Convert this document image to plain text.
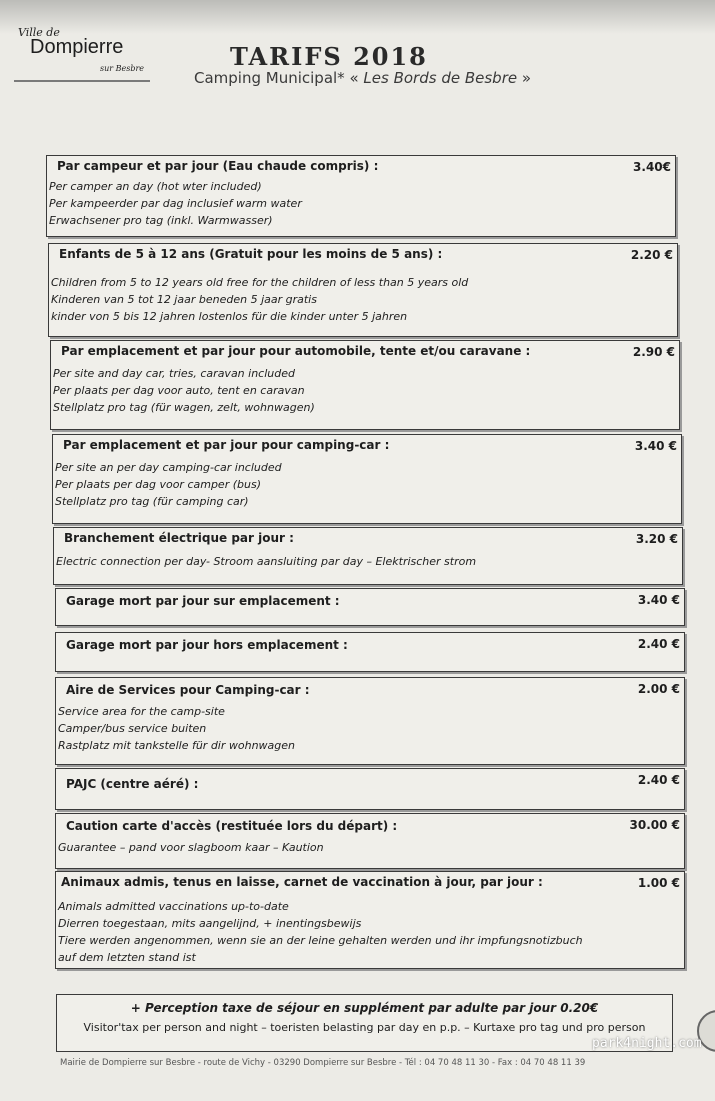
Ville de
Dompierre
sur Besbre	TARIFS 2018
Camping Municipal* « Les Bords de Besbre »
Par campeur et par jour (Eau chaude compris) :	3.40€
Per camper an day (hot wter included)
Per kampeerder par dag inclusief warm water
Erwachsener pro tag (inkl. Warmwasser)
Enfants de 5 à 12 ans (Gratuit pour les moins de 5 ans) :	2.20 €
Children from 5 to 12 years old free for the children of less than 5 years old
Kinderen van 5 tot 12 jaar beneden 5 jaar gratis
kinder von 5 bis 12 jahren lostenlos für die kinder unter 5 jahren
Par emplacement et par jour pour automobile, tente et/ou caravane :	2.90 €
Per site and day car, tries, caravan included
Per plaats per dag voor auto, tent en caravan
Stellplatz pro tag (für wagen, zelt, wohnwagen)
Par emplacement et par jour pour camping-car :	3.40 €
Per site an per day camping-car included
Per plaats per dag voor camper (bus)
Stellplatz pro tag (für camping car)
Branchement électrique par jour :	3.20 €
Electric connection per day- Stroom aansluiting par day – Elektrischer strom
Garage mort par jour sur emplacement :	3.40 €
Garage mort par jour hors emplacement :	2.40 €
Aire de Services pour Camping-car :	2.00 €
Service area for the camp-site
Camper/bus service buiten
Rastplatz mit tankstelle für dir wohnwagen
PAJC (centre aéré) :	2.40 €
Caution carte d'accès (restituée lors du départ) :	30.00 €
Guarantee – pand voor slagboom kaar – Kaution
Animaux admis, tenus en laisse, carnet de vaccination à jour, par jour :	1.00 €
Animals admitted vaccinations up-to-date
Dierren toegestaan, mits aangelijnd, + inentingsbewijs
Tiere werden angenommen, wenn sie an der leine gehalten werden und ihr impfungsnotizbuch
auf dem letzten stand ist
+ Perception taxe de séjour en supplément par adulte par jour 0.20€
Visitor'tax per person and night – toeristen belasting par day en p.p. – Kurtaxe pro tag und pro person
park4night.com
Mairie de Dompierre sur Besbre - route de Vichy - 03290 Dompierre sur Besbre - Tél : 04 70 48 11 30 - Fax : 04 70 48 11 39
